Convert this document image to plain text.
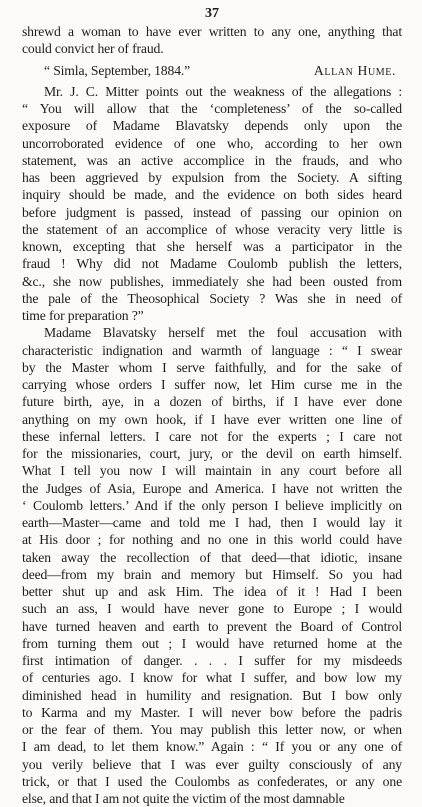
37
shrewd a woman to have ever written to any one, anything that
could convict her of fraud.
“ Simla, September, 1884.”	Allan Hume.
Mr. J. C. Mitter points out the weakness of the allegations :
“ You will allow that the ‘completeness’ of the so-called
exposure of Madame Blavatsky depends only upon the
uncorroborated evidence of one who, according to her own
statement, was an active accomplice in the frauds, and who
has been aggrieved by expulsion from the Society. A sifting
inquiry should be made, and the evidence on both sides heard
before judgment is passed, instead of passing our opinion on
the statement of an accomplice of whose veracity very little is
known, excepting that she herself was a participator in the
fraud ! Why did not Madame Coulomb publish the letters,
&c., she now publishes, immediately she had been ousted from
the pale of the Theosophical Society ? Was she in need of
time for preparation ?”
Madame Blavatsky herself met the foul accusation with
characteristic indignation and warmth of language : “ I swear
by the Master whom I serve faithfully, and for the sake of
carrying whose orders I suffer now, let Him curse me in the
future birth, aye, in a dozen of births, if I have ever done
anything on my own hook, if I have ever written one line of
these infernal letters. I care not for the experts ; I care not
for the missionaries, court, jury, or the devil on earth himself.
What I tell you now I will maintain in any court before all
the Judges of Asia, Europe and America. I have not written the
‘ Coulomb letters.’ And if the only person I believe implicitly on
earth—Master—came and told me I had, then I would lay it
at His door ; for nothing and no one in this world could have
taken away the recollection of that deed—that idiotic, insane
deed—from my brain and memory but Himself. So you had
better shut up and ask Him. The idea of it ! Had I been
such an ass, I would have never gone to Europe ; I would
have turned heaven and earth to prevent the Board of Control
from turning them out ; I would have returned home at the
first intimation of danger. . . . I suffer for my misdeeds
of centuries ago. I know for what I suffer, and bow low my
diminished head in humility and resignation. But I bow only
to Karma and my Master. I will never bow before the padris
or the fear of them. You may publish this letter now, or when
I am dead, to let them know.” Again : “ If you or any one of
you verily believe that I was ever guilty consciously of any
trick, or that I used the Coulombs as confederates, or any one
else, and that I am not quite the victim of the most damnable
